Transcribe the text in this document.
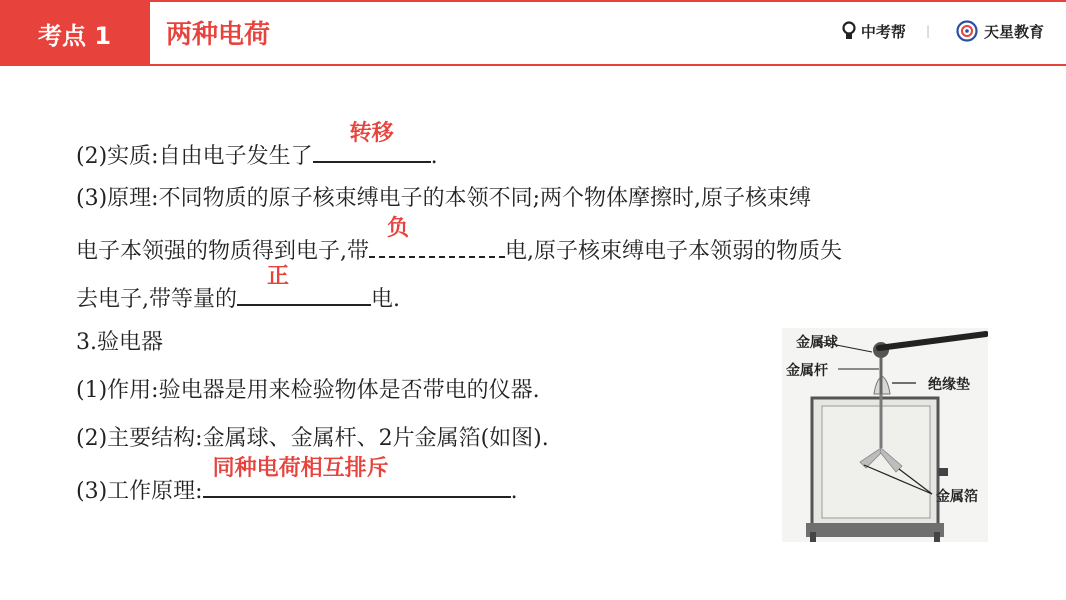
考点 1	两种电荷	中考帮 |	天星教育
(2)实质:自由电子发生了
转移
.
(3)原理:不同物质的原子核束缚电子的本领不同;两个物体摩擦时,原子核束缚
电子本领强的物质得到电子,带
负
电,原子核束缚电子本领弱的物质失
去电子,带等量的
正
电.
3.验电器
(1)作用:验电器是用来检验物体是否带电的仪器.
(2)主要结构:金属球、金属杆、2片金属箔(如图).
(3)工作原理:
同种电荷相互排斥
.
金属球
金属杆
绝缘垫
金属箔
